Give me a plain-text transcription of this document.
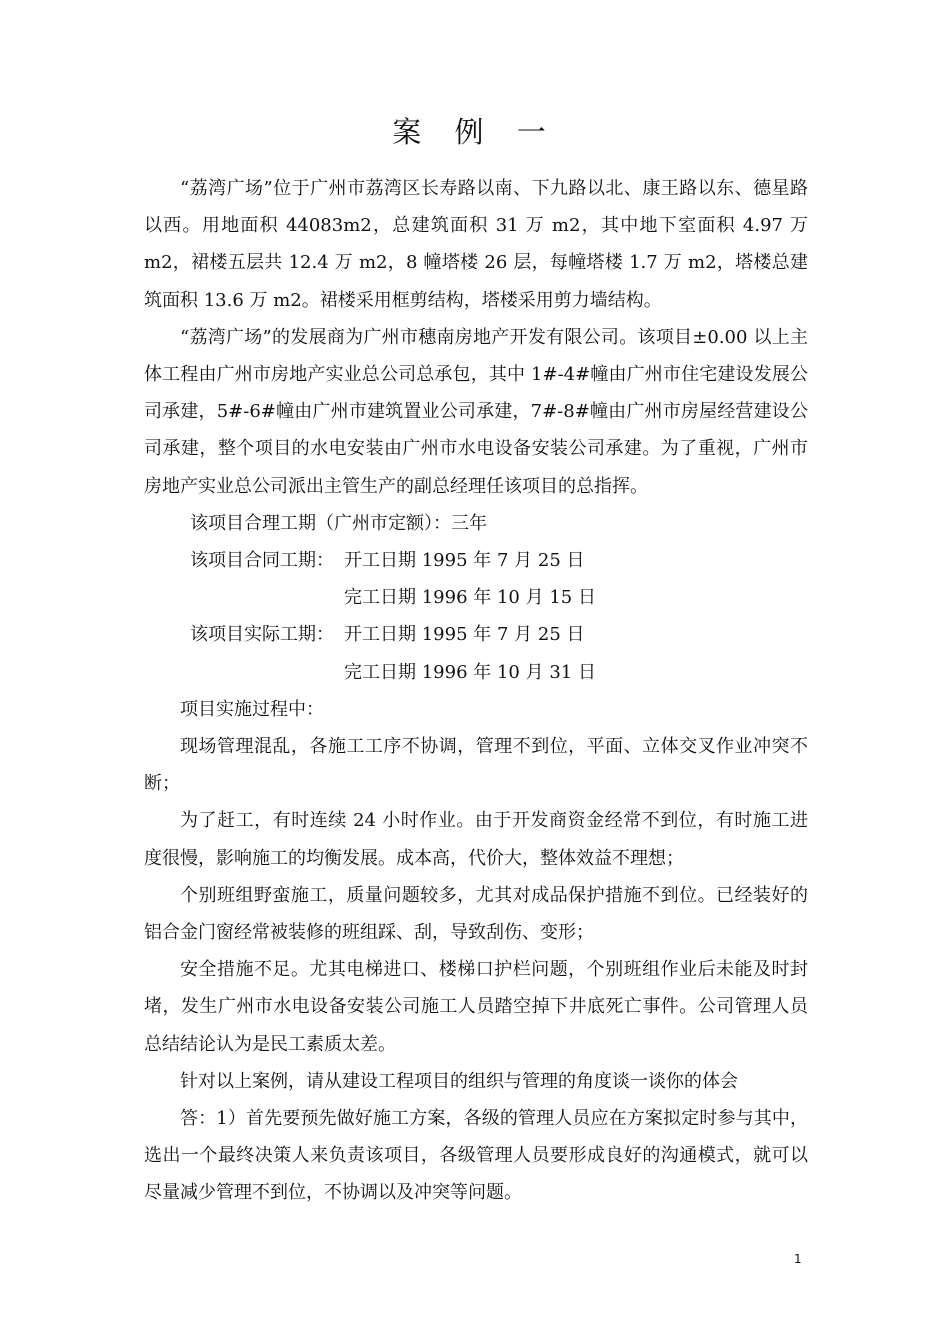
案 例 一

“荔湾广场”位于广州市荔湾区长寿路以南、下九路以北、康王路以东、德星路以西。用地面积 44083m2，总建筑面积 31 万 m2，其中地下室面积 4.97 万 m2，裙楼五层共 12.4 万 m2，8 幢塔楼 26 层，每幢塔楼 1.7 万 m2，塔楼总建筑面积 13.6 万 m2。裙楼采用框剪结构，塔楼采用剪力墙结构。

“荔湾广场”的发展商为广州市穗南房地产开发有限公司。该项目±0.00 以上主体工程由广州市房地产实业总公司总承包，其中 1#-4#幢由广州市住宅建设发展公司承建，5#-6#幢由广州市建筑置业公司承建，7#-8#幢由广州市房屋经营建设公司承建，整个项目的水电安装由广州市水电设备安装公司承建。为了重视，广州市房地产实业总公司派出主管生产的副总经理任该项目的总指挥。

该项目合理工期（广州市定额）：三年
该项目合同工期： 开工日期 1995 年 7 月 25 日
完工日期 1996 年 10 月 15 日
该项目实际工期： 开工日期 1995 年 7 月 25 日
完工日期 1996 年 10 月 31 日

项目实施过程中：

现场管理混乱，各施工工序不协调，管理不到位，平面、立体交叉作业冲突不断；

为了赶工，有时连续 24 小时作业。由于开发商资金经常不到位，有时施工进度很慢，影响施工的均衡发展。成本高，代价大，整体效益不理想；

个别班组野蛮施工，质量问题较多，尤其对成品保护措施不到位。已经装好的铝合金门窗经常被装修的班组踩、刮，导致刮伤、变形；

安全措施不足。尤其电梯进口、楼梯口护栏问题，个别班组作业后未能及时封堵，发生广州市水电设备安装公司施工人员踏空掉下井底死亡事件。公司管理人员总结结论认为是民工素质太差。

针对以上案例，请从建设工程项目的组织与管理的角度谈一谈你的体会

答：1）首先要预先做好施工方案，各级的管理人员应在方案拟定时参与其中，选出一个最终决策人来负责该项目，各级管理人员要形成良好的沟通模式，就可以尽量减少管理不到位，不协调以及冲突等问题。

1
